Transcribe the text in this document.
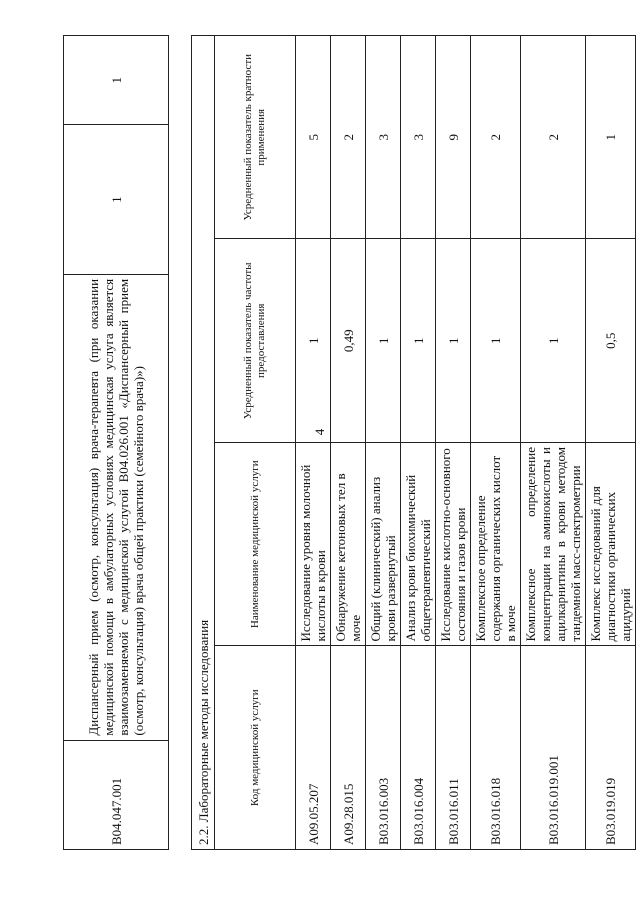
4
B04.047.001	Диспансерный прием (осмотр, консультация) врача-терапевта (при оказании медицинской помощи в амбулаторных условиях медицинская услуга является взаимозаменяемой с медицинской услугой B04.026.001 «Диспансерный прием (осмотр, консультация) врача общей практики (семейного врача)»)	1	1
2.2. Лабораторные методы исследования			
Код медицинской услуги	Наименование медицинской услуги	Усредненный показатель частоты предоставления	Усредненный показатель кратности применения
A09.05.207	Исследование уровня молочной кислоты в крови	1	5
A09.28.015	Обнаружение кетоновых тел в моче	0,49	2
B03.016.003	Общий (клинический) анализ крови развернутый	1	3
B03.016.004	Анализ крови биохимический общетерапевтический	1	3
B03.016.011	Исследование кислотно-основного состояния и газов крови	1	9
B03.016.018	Комплексное определение содержания органических кислот в моче	1	2
B03.016.019.001	Комплексное определение концентрации на аминокислоты и ацилкарнитины в крови методом тандемной масс-спектрометрии	1	2
B03.019.019	Комплекс исследований для диагностики органических ацидурий	0,5	1
